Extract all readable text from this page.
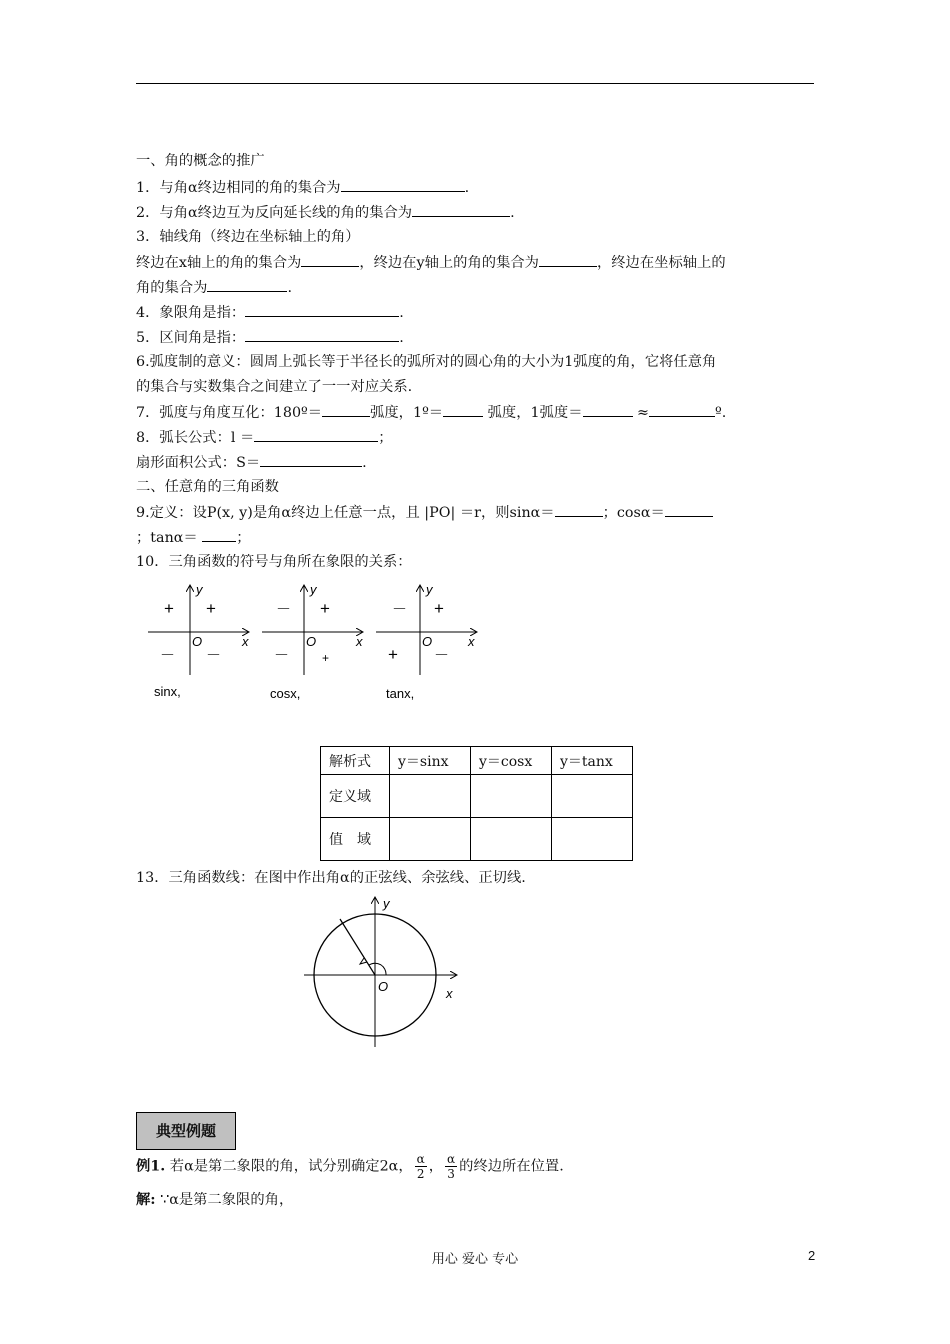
一、角的概念的推广
1．与角α终边相同的角的集合为	.
2．与角α终边互为反向延长线的角的集合为	.
3．轴线角（终边在坐标轴上的角）
终边在x轴上的角的集合为	，终边在y轴上的角的集合为	，终边在坐标轴上的
角的集合为	.
4．象限角是指：	.
5．区间角是指：	.
6.弧度制的意义：圆周上弧长等于半径长的弧所对的圆心角的大小为1弧度的角，它将任意角
的集合与实数集合之间建立了一一对应关系.
7．弧度与角度互化：180º＝	弧度，1º＝	弧度，1弧度＝	≈	º.
8．弧长公式：l ＝	；
扇形面积公式：S＝	.
二、任意角的三角函数
9.定义：设P(x, y)是角α终边上任意一点，且 |PO| ＝r，则sinα＝	；cosα＝
；tanα＝ ；
10．三角函数的符号与角所在象限的关系：
y
x
O
+ +
－ －
sinx,
y
x
O
－ +
－	+
cosx,
y
x
O
－ +
+ －
tanx,
解析式	y＝sinx	y＝cosx	y＝tanx
定义域			
值　域			
13．三角函数线：在图中作出角α的正弦线、余弦线、正切线.
y
x
O
典型例题
例1. 若α是第二象限的角，试分别确定2α， $\frac{\alpha}{2}$ ， $\frac{\alpha}{3}$ 的终边所在位置.
解: ∵α是第二象限的角，
用心 爱心 专心	2
